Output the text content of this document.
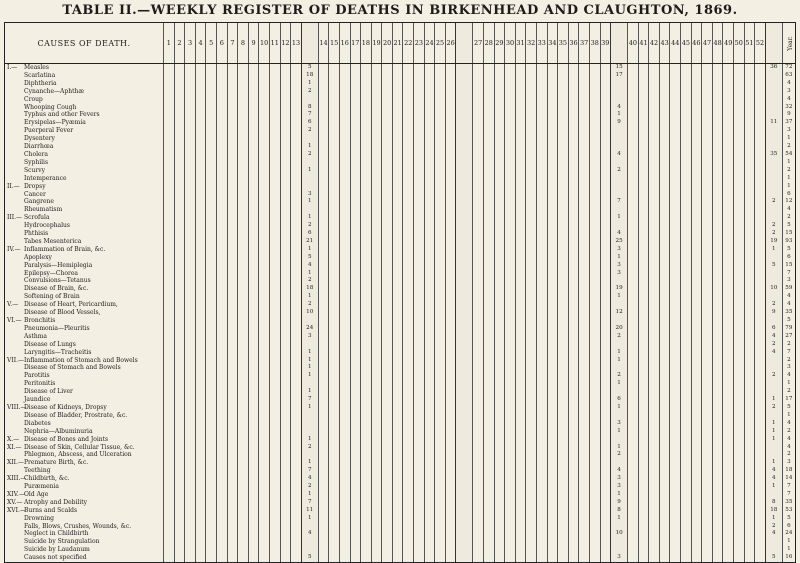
TABLE II.—WEEKLY REGISTER OF DEATHS IN BIRKENHEAD AND CLAUGHTON, 1869.
CAUSES OF DEATH.	1	2	3	4	5	6	7	8	9	10	11	12	13		14	15	16	17	18	19	20	21	22	23	24	25	26		27	28	29	30	31	32	33	34	35	36	37	38	39		40	41	42	43	44	45	46	47	48	49	50	51	52		Year.
I.— Measles														5																												15														36	72
Scarlatina														18																												17															63
Diphtheria														1																																											4
Cynanche—Aphthæ														2																																											3
Croup																																																									4
Whooping Cough														8																												4															32
Typhus and other Fevers														7																												1															9
Erysipelas—Pyæmia														6																												9														11	37
Puerperal Fever														2																																											3
Dysentery																																																									1
Diarrhœa														1																																											2
Cholera														2																												4														35	54
Syphilis																																																									1
Scurvy														1																												2															2
Intemperance																																																									1
II.— Dropsy																																																									1
Cancer														3																																											6
Gangrene														1																												7														2	12
Rheumatism																																																									4
III.— Scrofula														1																												1															2
Hydrocephalus														2																																										2	5
Phthisis														6																												4														2	15
Tabes Mesenterica														21																												25														19	93
IV.— Inflammation of Brain, &c.														1																												3														1	5
Apoplexy														5																												1															6
Paralysis—Hemiplegia														4																												3														5	15
Epilepsy—Chorea														1																												3															7
Convulsions—Tetanus														2																																											3
Disease of Brain, &c.														18																												19														10	59
Softening of Brain														1																												1															4
V.— Disease of Heart, Pericardium,														2																																										2	4
Disease of Blood Vessels,														10																												12														9	35
VI.— Bronchitis																																																									5
Pneumonia—Pleuritis														24																												20														6	79
Asthma														3																												2														4	27
Disease of Lungs																																																								2	2
Laryngitis—Tracheitis														1																												1														4	7
VII.—Inflammation of Stomach and Bowels														1																												1															2
Disease of Stomach and Bowels														1																																											3
Parotitis														1																												2														2	4
Peritonitis																																										1															1
Disease of Liver														1																																											2
Jaundice														7																												6														1	17
VIII.—Disease of Kidneys, Dropsy														1																												1														2	5
Disease of Bladder, Prostrate, &c.																																																									1
Diabetes																																										3														1	4
Nephria—Albuminuria																																										1														1	2
X.— Disease of Bones and Joints														1																																										1	4
XI.— Disease of Skin, Cellular Tissue, &c.														2																												1															4
Phlegmon, Abscess, and Ulceration																																										2															2
XII.—Premature Birth, &c.														1																																										1	3
Teething														7																												4														4	18
XIII.—Childbirth, &c.														4																												3														4	14
Puræmenia														2																												3														1	7
XIV.—Old Age														1																												1															7
XV.— Atrophy and Debility														7																												9														8	35
XVI.—Burns and Scalds														11																												8														18	53
Drowning														1																												1														1	5
Falls, Blows, Crushes, Wounds, &c.																																																								2	6
Neglect in Childbirth														4																												10														4	24
Suicide by Strangulation																																																									1
Suicide by Laudanum																																																									1
Causes not specified														5																												3														5	16
